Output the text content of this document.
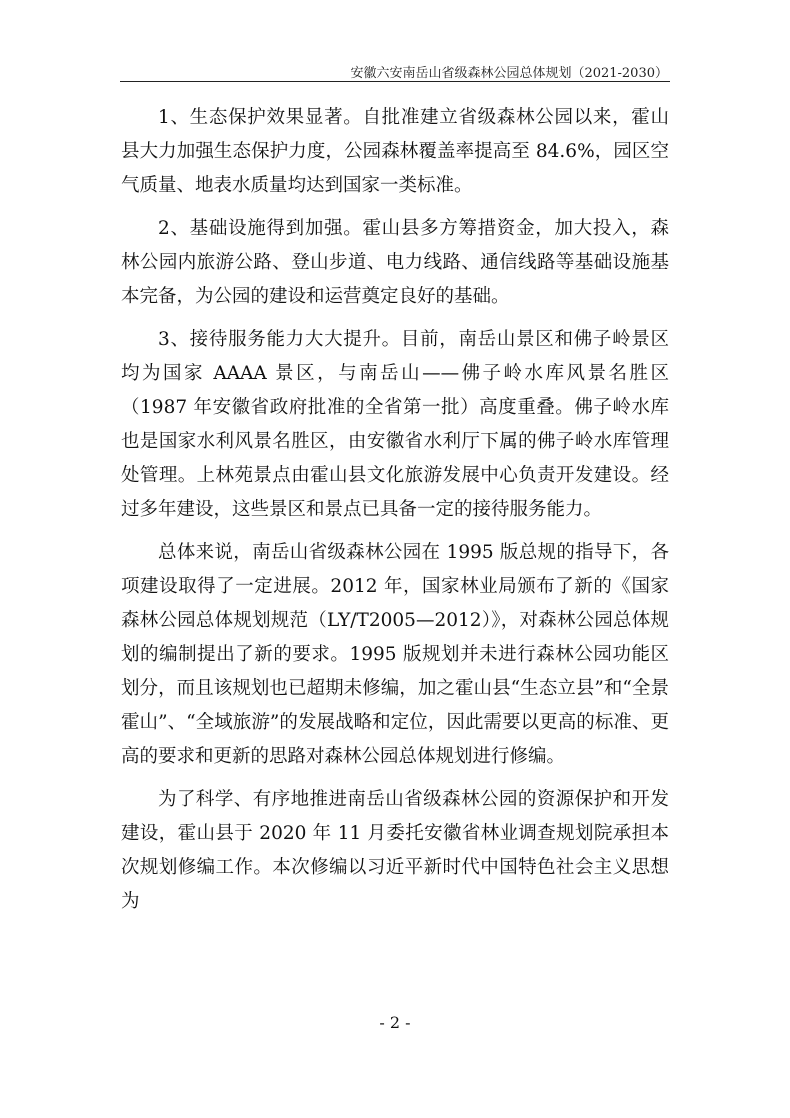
安徽六安南岳山省级森林公园总体规划（2021-2030）

1、生态保护效果显著。自批准建立省级森林公园以来，霍山县大力加强生态保护力度，公园森林覆盖率提高至 84.6%，园区空气质量、地表水质量均达到国家一类标准。

2、基础设施得到加强。霍山县多方筹措资金，加大投入，森林公园内旅游公路、登山步道、电力线路、通信线路等基础设施基本完备，为公园的建设和运营奠定良好的基础。

3、接待服务能力大大提升。目前，南岳山景区和佛子岭景区均为国家 AAAA 景区，与南岳山——佛子岭水库风景名胜区（1987 年安徽省政府批准的全省第一批）高度重叠。佛子岭水库也是国家水利风景名胜区，由安徽省水利厅下属的佛子岭水库管理处管理。上林苑景点由霍山县文化旅游发展中心负责开发建设。经过多年建设，这些景区和景点已具备一定的接待服务能力。

总体来说，南岳山省级森林公园在 1995 版总规的指导下，各项建设取得了一定进展。2012 年，国家林业局颁布了新的《国家森林公园总体规划规范（LY/T2005—2012）》，对森林公园总体规划的编制提出了新的要求。1995 版规划并未进行森林公园功能区划分，而且该规划也已超期未修编，加之霍山县“生态立县”和“全景霍山”、“全域旅游”的发展战略和定位，因此需要以更高的标准、更高的要求和更新的思路对森林公园总体规划进行修编。

为了科学、有序地推进南岳山省级森林公园的资源保护和开发建设，霍山县于 2020 年 11 月委托安徽省林业调查规划院承担本次规划修编工作。本次修编以习近平新时代中国特色社会主义思想为

- 2 -
